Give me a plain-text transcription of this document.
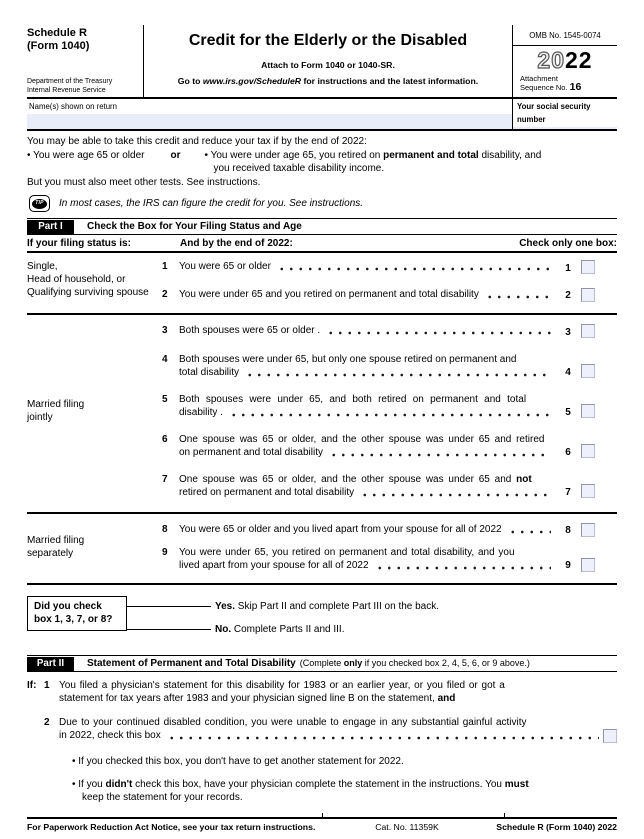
Schedule R
(Form 1040)
Department of the Treasury
Internal Revenue Service
Credit for the Elderly or the Disabled
Attach to Form 1040 or 1040-SR.
Go to www.irs.gov/ScheduleR for instructions and the latest information.
OMB No. 1545-0074
2022
Attachment
Sequence No. 16
Name(s) shown on return	Your social security number
You may be able to take this credit and reduce your tax if by the end of 2022:
• You were age 65 or older	or • You were under age 65, you retired on permanent and total disability, and
you received taxable disability income.
But you must also meet other tests. See instructions.
TIP	In most cases, the IRS can figure the credit for you. See instructions.
Part I	Check the Box for Your Filing Status and Age
If your filing status is:	And by the end of 2022:	Check only one box:
Single,
Head of household, or
Qualifying surviving spouse
1	You were 65 or older	1
2	You were under 65 and you retired on permanent and total disability	2
Married filing
jointly
3	Both spouses were 65 or older .	3
4	Both spouses were under 65, but only one spouse retired on permanent and
total disability	4
5	Both spouses were under 65, and both retired on permanent and total
disability .	5
6	One spouse was 65 or older, and the other spouse was under 65 and retired
on permanent and total disability	6
7	One spouse was 65 or older, and the other spouse was under 65 and not
retired on permanent and total disability	7
Married filing
separately
8	You were 65 or older and you lived apart from your spouse for all of 2022	8
9	You were under 65, you retired on permanent and total disability, and you
lived apart from your spouse for all of 2022	9
Did you check
box 1, 3, 7, or 8?
Yes. Skip Part II and complete Part III on the back.
No. Complete Parts II and III.
Part II	Statement of Permanent and Total Disability (Complete only if you checked box 2, 4, 5, 6, or 9 above.)
If: 1 You filed a physician's statement for this disability for 1983 or an earlier year, or you filed or got a
statement for tax years after 1983 and your physician signed line B on the statement, and
2 Due to your continued disabled condition, you were unable to engage in any substantial gainful activity
in 2022, check this box
• If you checked this box, you don't have to get another statement for 2022.
• If you didn't check this box, have your physician complete the statement in the instructions. You must
keep the statement for your records.
For Paperwork Reduction Act Notice, see your tax return instructions.	Cat. No. 11359K	Schedule R (Form 1040) 2022
